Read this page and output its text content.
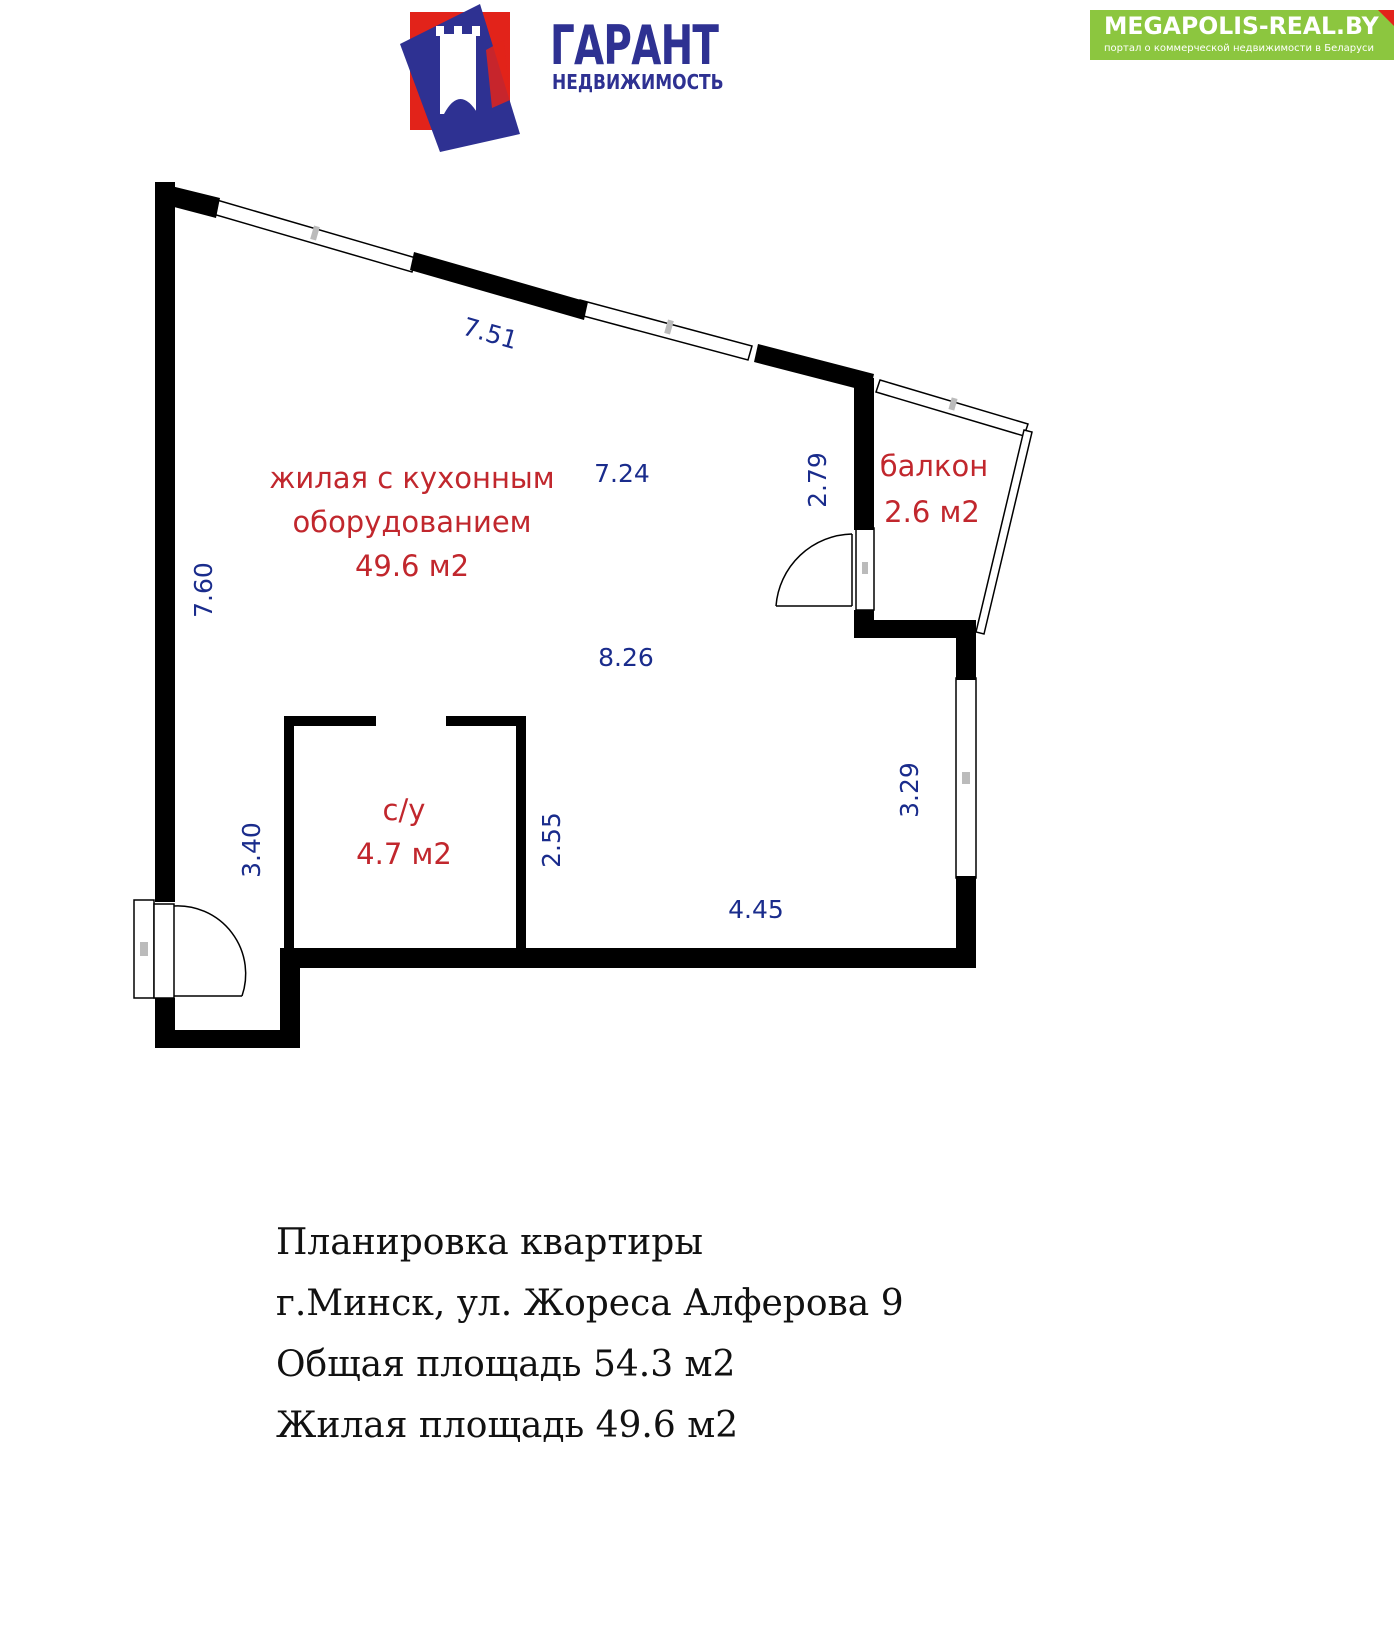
ГАРАНТ
НЕДВИЖИМОСТЬ
MEGAPOLIS-REAL.BY
портал о коммерческой недвижимости в Беларуси
жилая с кухонным
оборудованием
49.6 м2
балкон
2.6 м2
с/у
4.7 м2
7.51
7.24	2.79
7.60
8.26
3.29
3.40	2.55
4.45
Планировка квартиры
г.Минск, ул. Жореса Алферова 9
Общая площадь 54.3 м2
Жилая площадь 49.6 м2
